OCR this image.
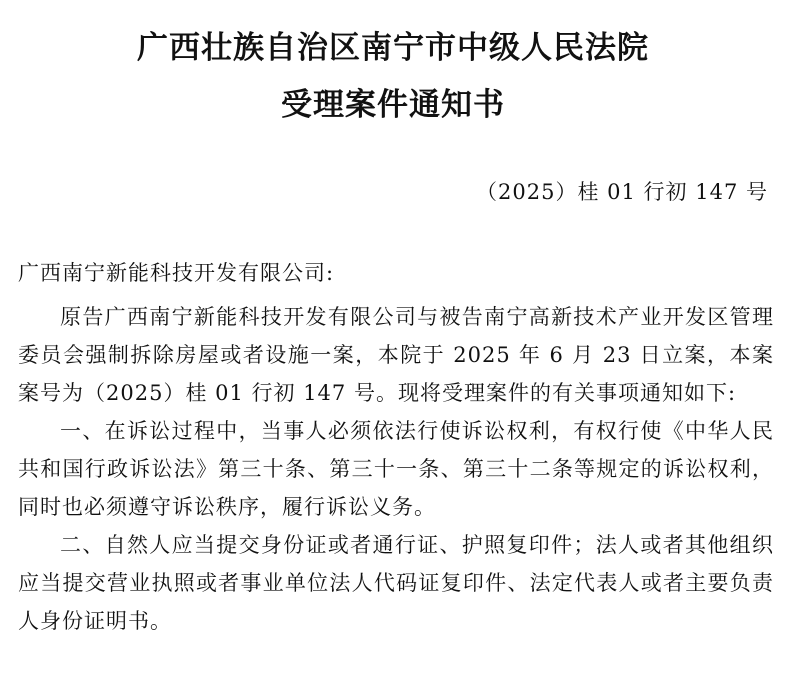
广西壮族自治区南宁市中级人民法院
受理案件通知书
（2025）桂 01 行初 147 号
广西南宁新能科技开发有限公司:

原告广西南宁新能科技开发有限公司与被告南宁高新技术产业开发区管理委员会强制拆除房屋或者设施一案，本院于 2025 年 6 月 23 日立案，本案案号为（2025）桂 01 行初 147 号。现将受理案件的有关事项通知如下:

一、在诉讼过程中，当事人必须依法行使诉讼权利，有权行使《中华人民共和国行政诉讼法》第三十条、第三十一条、第三十二条等规定的诉讼权利，同时也必须遵守诉讼秩序，履行诉讼义务。

二、自然人应当提交身份证或者通行证、护照复印件；法人或者其他组织应当提交营业执照或者事业单位法人代码证复印件、法定代表人或者主要负责人身份证明书。
